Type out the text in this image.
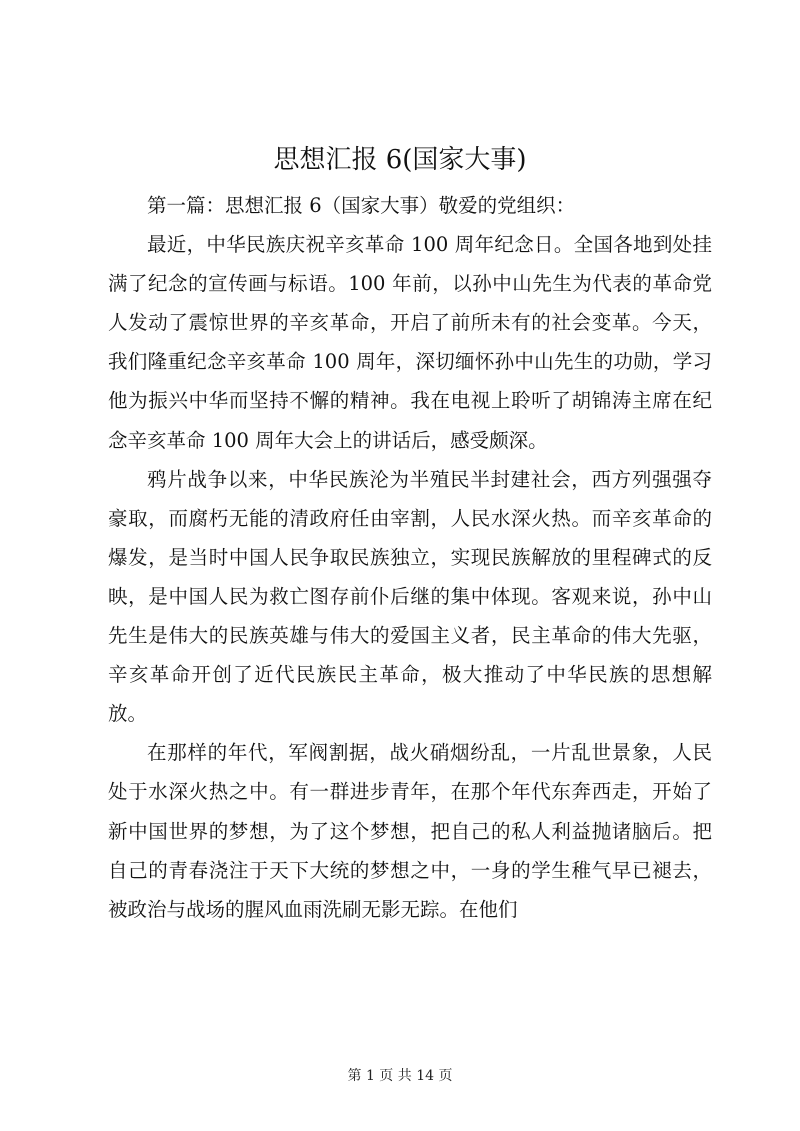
思想汇报 6(国家大事)

第一篇：思想汇报 6（国家大事）敬爱的党组织：

最近，中华民族庆祝辛亥革命 100 周年纪念日。全国各地到处挂满了纪念的宣传画与标语。100 年前，以孙中山先生为代表的革命党人发动了震惊世界的辛亥革命，开启了前所未有的社会变革。今天，我们隆重纪念辛亥革命 100 周年，深切缅怀孙中山先生的功勋，学习他为振兴中华而坚持不懈的精神。我在电视上聆听了胡锦涛主席在纪念辛亥革命 100 周年大会上的讲话后，感受颇深。

鸦片战争以来，中华民族沦为半殖民半封建社会，西方列强强夺豪取，而腐朽无能的清政府任由宰割，人民水深火热。而辛亥革命的爆发，是当时中国人民争取民族独立，实现民族解放的里程碑式的反映，是中国人民为救亡图存前仆后继的集中体现。客观来说，孙中山先生是伟大的民族英雄与伟大的爱国主义者，民主革命的伟大先驱，辛亥革命开创了近代民族民主革命，极大推动了中华民族的思想解放。

在那样的年代，军阀割据，战火硝烟纷乱，一片乱世景象，人民处于水深火热之中。有一群进步青年，在那个年代东奔西走，开始了新中国世界的梦想，为了这个梦想，把自己的私人利益抛诸脑后。把自己的青春浇注于天下大统的梦想之中，一身的学生稚气早已褪去，被政治与战场的腥风血雨洗刷无影无踪。在他们

第 1 页 共 14 页
